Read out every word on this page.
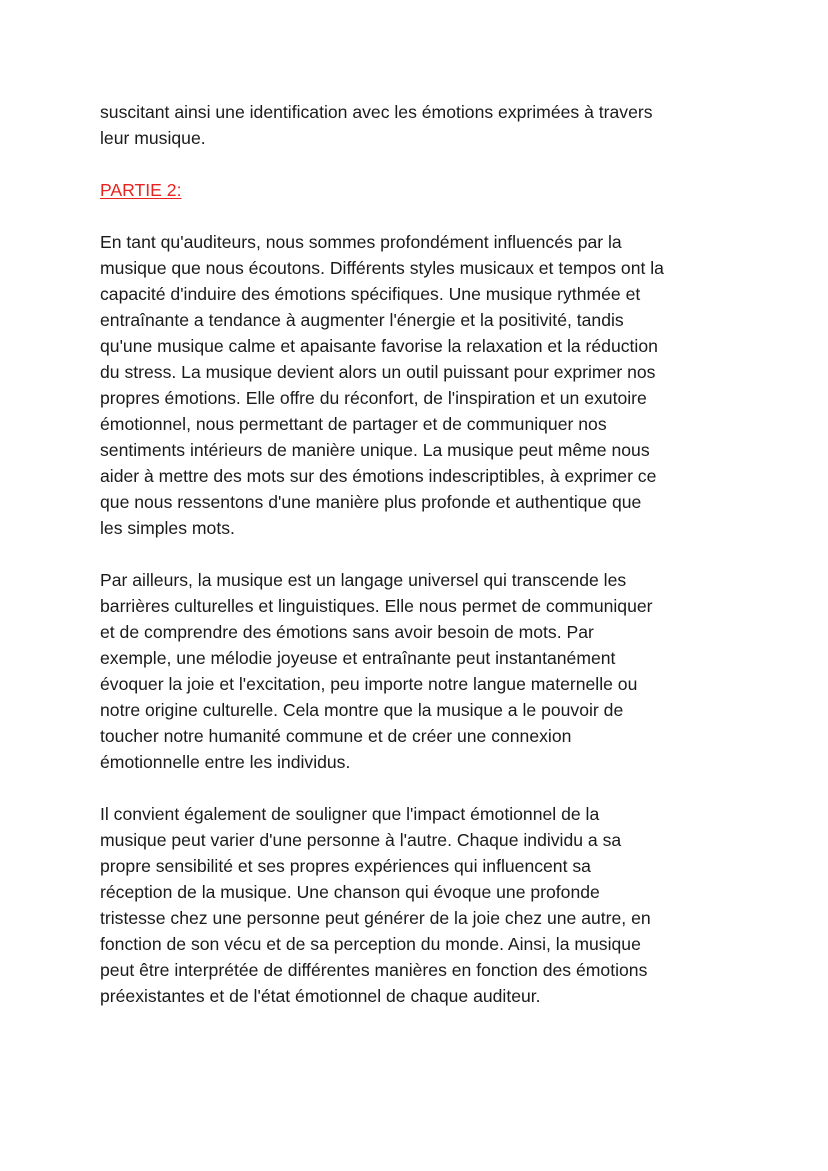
suscitant ainsi une identification avec les émotions exprimées à travers
leur musique.

PARTIE 2:

En tant qu'auditeurs, nous sommes profondément influencés par la
musique que nous écoutons. Différents styles musicaux et tempos ont la
capacité d'induire des émotions spécifiques. Une musique rythmée et
entraînante a tendance à augmenter l'énergie et la positivité, tandis
qu'une musique calme et apaisante favorise la relaxation et la réduction
du stress. La musique devient alors un outil puissant pour exprimer nos
propres émotions. Elle offre du réconfort, de l'inspiration et un exutoire
émotionnel, nous permettant de partager et de communiquer nos
sentiments intérieurs de manière unique. La musique peut même nous
aider à mettre des mots sur des émotions indescriptibles, à exprimer ce
que nous ressentons d'une manière plus profonde et authentique que
les simples mots.

Par ailleurs, la musique est un langage universel qui transcende les
barrières culturelles et linguistiques. Elle nous permet de communiquer
et de comprendre des émotions sans avoir besoin de mots. Par
exemple, une mélodie joyeuse et entraînante peut instantanément
évoquer la joie et l'excitation, peu importe notre langue maternelle ou
notre origine culturelle. Cela montre que la musique a le pouvoir de
toucher notre humanité commune et de créer une connexion
émotionnelle entre les individus.

Il convient également de souligner que l'impact émotionnel de la
musique peut varier d'une personne à l'autre. Chaque individu a sa
propre sensibilité et ses propres expériences qui influencent sa
réception de la musique. Une chanson qui évoque une profonde
tristesse chez une personne peut générer de la joie chez une autre, en
fonction de son vécu et de sa perception du monde. Ainsi, la musique
peut être interprétée de différentes manières en fonction des émotions
préexistantes et de l'état émotionnel de chaque auditeur.
